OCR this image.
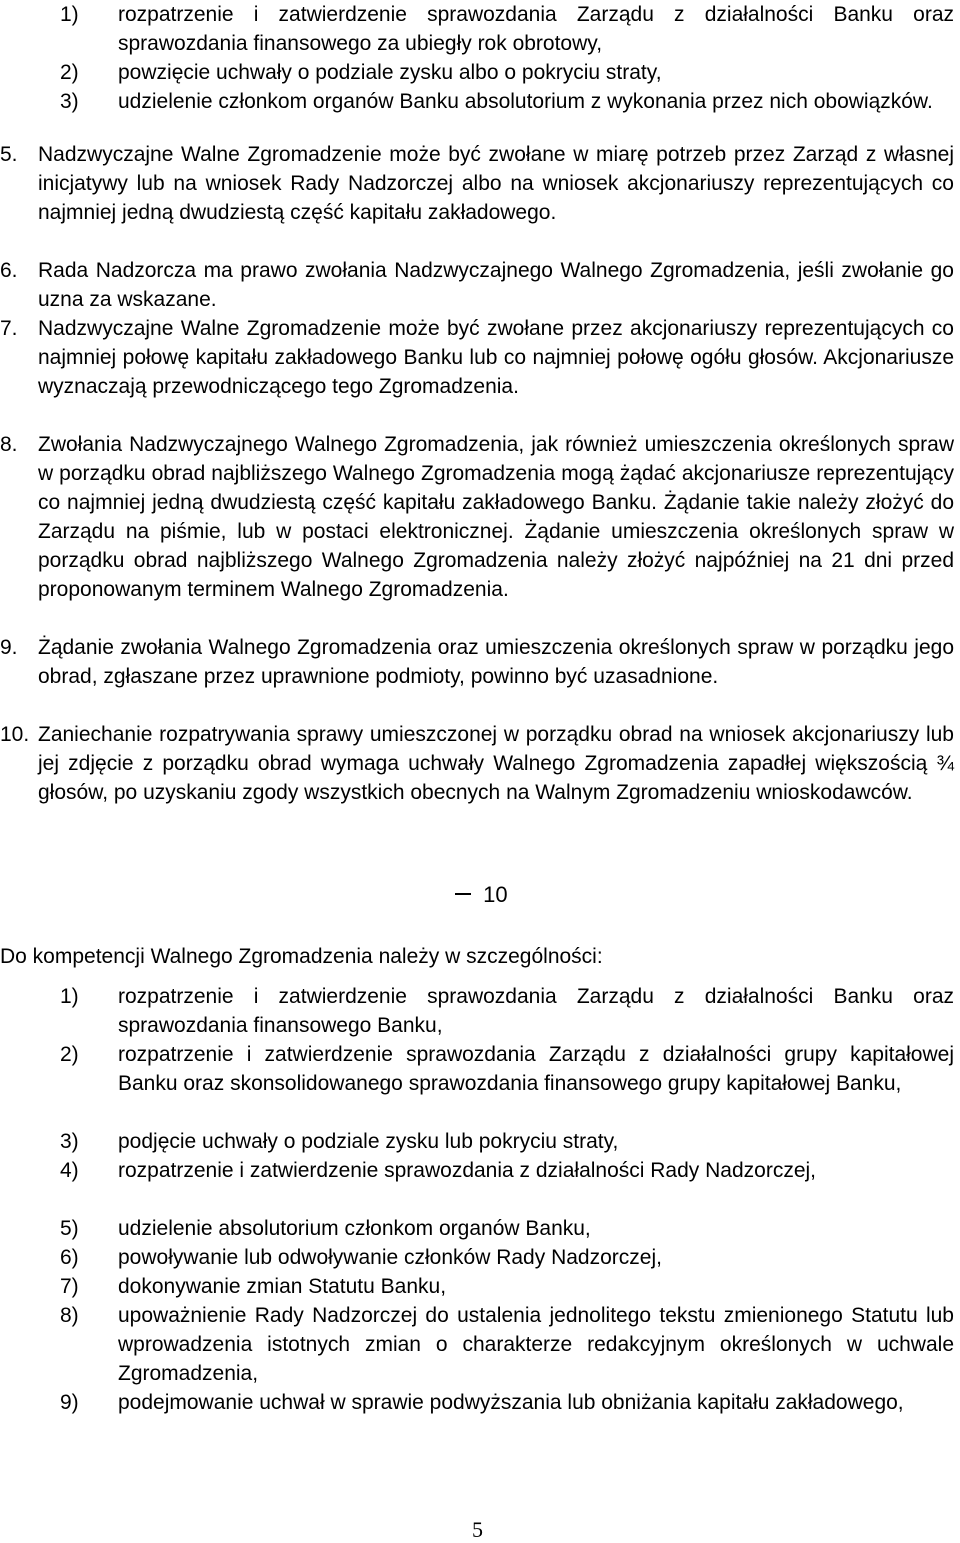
1) rozpatrzenie i zatwierdzenie sprawozdania Zarządu z działalności Banku oraz sprawozdania finansowego za ubiegły rok obrotowy,
2) powzięcie uchwały o podziale zysku albo o pokryciu straty,
3) udzielenie członkom organów Banku absolutorium z wykonania przez nich obowiązków.
5. Nadzwyczajne Walne Zgromadzenie może być zwołane w miarę potrzeb przez Zarząd z własnej inicjatywy lub na wniosek Rady Nadzorczej albo na wniosek akcjonariuszy reprezentujących co najmniej jedną dwudziestą część kapitału zakładowego.
6. Rada Nadzorcza ma prawo zwołania Nadzwyczajnego Walnego Zgromadzenia, jeśli zwołanie go uzna za wskazane.
7. Nadzwyczajne Walne Zgromadzenie może być zwołane przez akcjonariuszy reprezentujących co najmniej połowę kapitału zakładowego Banku lub co najmniej połowę ogółu głosów. Akcjonariusze wyznaczają przewodniczącego tego Zgromadzenia.
8. Zwołania Nadzwyczajnego Walnego Zgromadzenia, jak również umieszczenia określonych spraw w porządku obrad najbliższego Walnego Zgromadzenia mogą żądać akcjonariusze reprezentujący co najmniej jedną dwudziestą część kapitału zakładowego Banku. Żądanie takie należy złożyć do Zarządu na piśmie, lub w postaci elektronicznej. Żądanie umieszczenia określonych spraw w porządku obrad najbliższego Walnego Zgromadzenia należy złożyć najpóźniej na 21 dni przed proponowanym terminem Walnego Zgromadzenia.
9. Żądanie zwołania Walnego Zgromadzenia oraz umieszczenia określonych spraw w porządku jego obrad, zgłaszane przez uprawnione podmioty, powinno być uzasadnione.
10. Zaniechanie rozpatrywania sprawy umieszczonej w porządku obrad na wniosek akcjonariuszy lub jej zdjęcie z porządku obrad wymaga uchwały Walnego Zgromadzenia zapadłej większością ¾ głosów, po uzyskaniu zgody wszystkich obecnych na Walnym Zgromadzeniu wnioskodawców.
10
Do kompetencji Walnego Zgromadzenia należy w szczególności:
1) rozpatrzenie i zatwierdzenie sprawozdania Zarządu z działalności Banku oraz sprawozdania finansowego Banku,
2) rozpatrzenie i zatwierdzenie sprawozdania Zarządu z działalności grupy kapitałowej Banku oraz skonsolidowanego sprawozdania finansowego grupy kapitałowej Banku,
3) podjęcie uchwały o podziale zysku lub pokryciu straty,
4) rozpatrzenie i zatwierdzenie sprawozdania z działalności Rady Nadzorczej,
5) udzielenie absolutorium członkom organów Banku,
6) powoływanie lub odwoływanie członków Rady Nadzorczej,
7) dokonywanie zmian Statutu Banku,
8) upoważnienie Rady Nadzorczej do ustalenia jednolitego tekstu zmienionego Statutu lub wprowadzenia istotnych zmian o charakterze redakcyjnym określonych w uchwale Zgromadzenia,
9) podejmowanie uchwał w sprawie podwyższania lub obniżania kapitału zakładowego,
5
